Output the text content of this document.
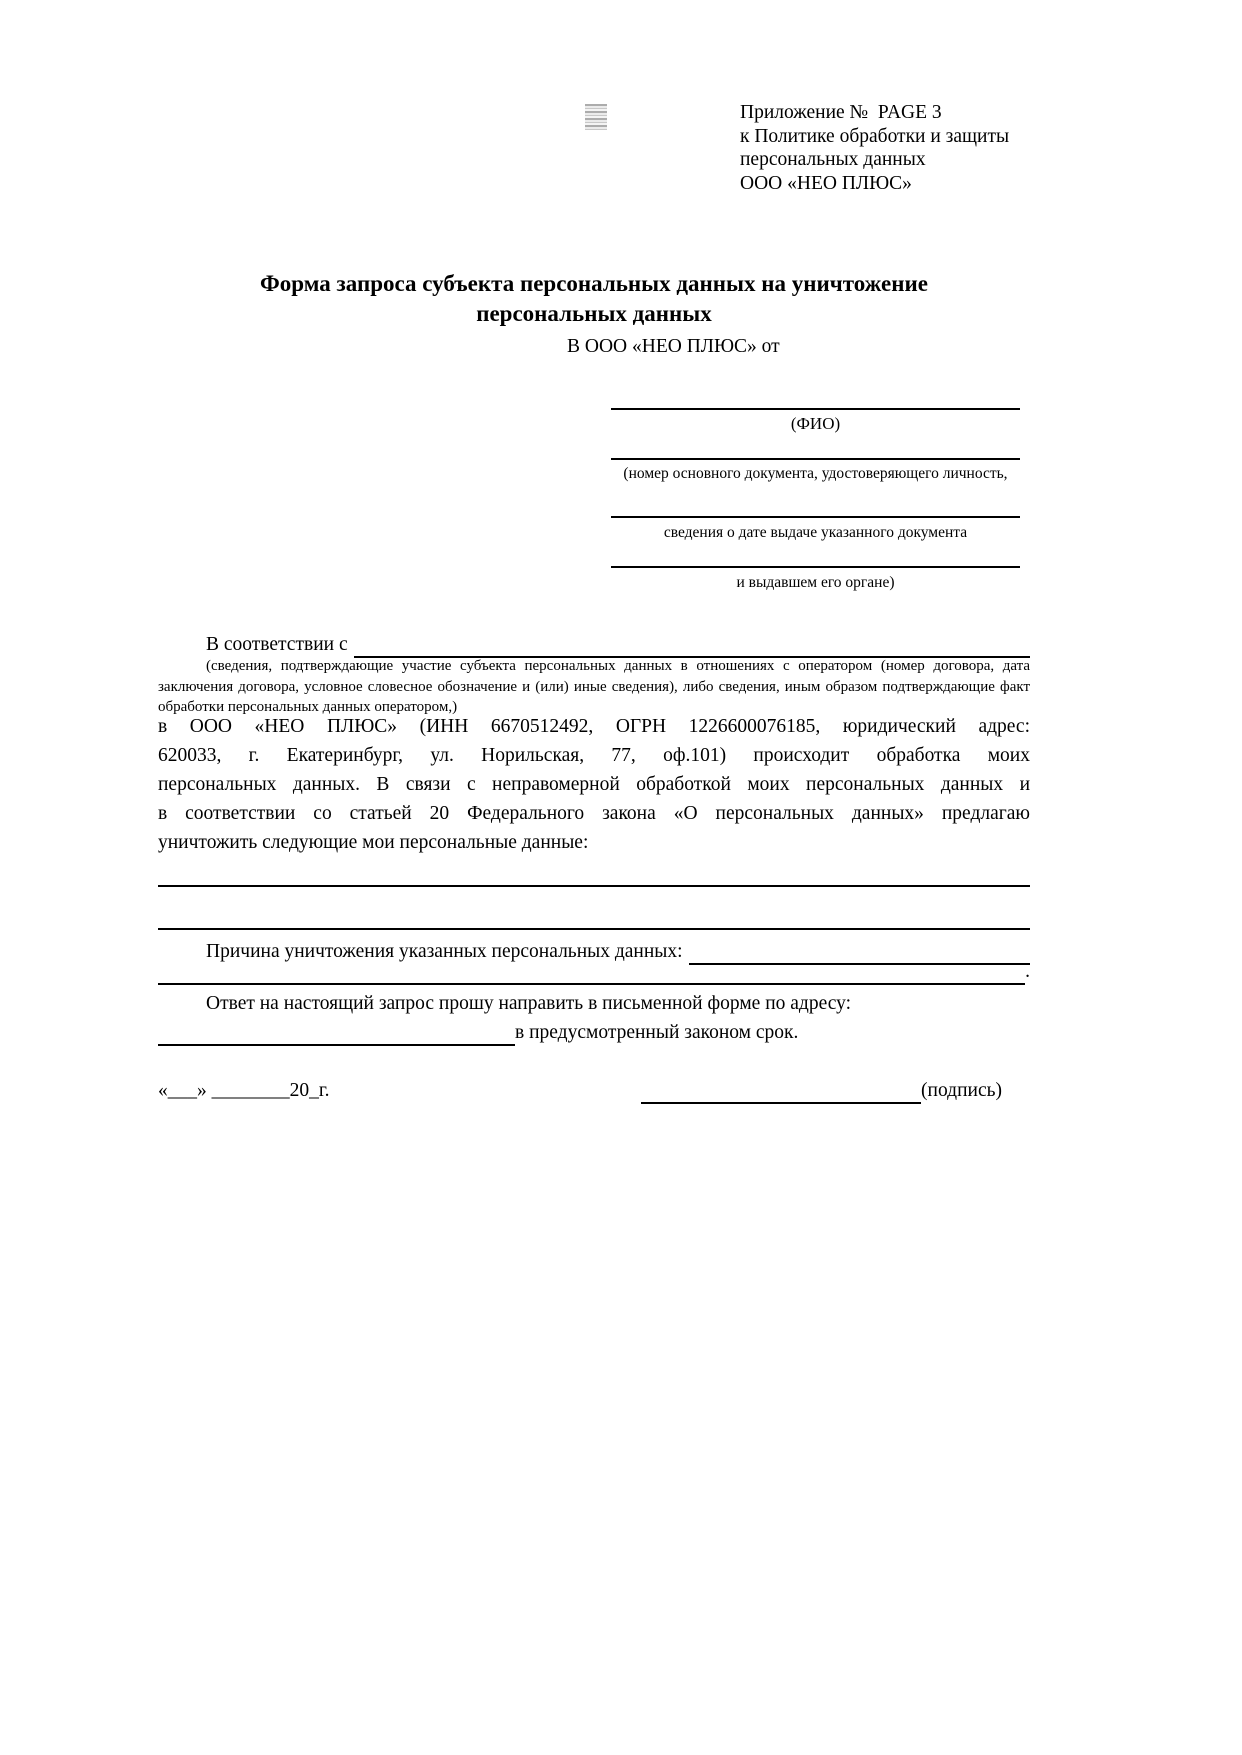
Приложение №  PAGE 3
к Политике обработки и защиты
персональных данных
ООО «НЕО ПЛЮС»
Форма запроса субъекта персональных данных на уничтожение
персональных данных
В ООО «НЕО ПЛЮС» от
(ФИО)
(номер основного документа, удостоверяющего личность,
сведения о дате выдаче указанного документа
и выдавшем его органе)
В соответствии с
(сведения, подтверждающие участие субъекта персональных данных в отношениях с оператором (номер договора, дата
заключения договора, условное словесное обозначение и (или) иные сведения), либо сведения, иным образом подтверждающие факт
обработки персональных данных оператором,)
в ООО «НЕО ПЛЮС» (ИНН 6670512492, ОГРН 1226600076185, юридический адрес:
620033, г. Екатеринбург, ул. Норильская, 77, оф.101) происходит обработка моих
персональных данных. В связи с неправомерной обработкой моих персональных данных и
в соответствии со статьей 20 Федерального закона «О персональных данных» предлагаю
уничтожить следующие мои персональные данные:
Причина уничтожения указанных персональных данных:
.
Ответ на настоящий запрос прошу направить в письменной форме по адресу:
в предусмотренный законом срок.
«___» ________20_г.	(подпись)
